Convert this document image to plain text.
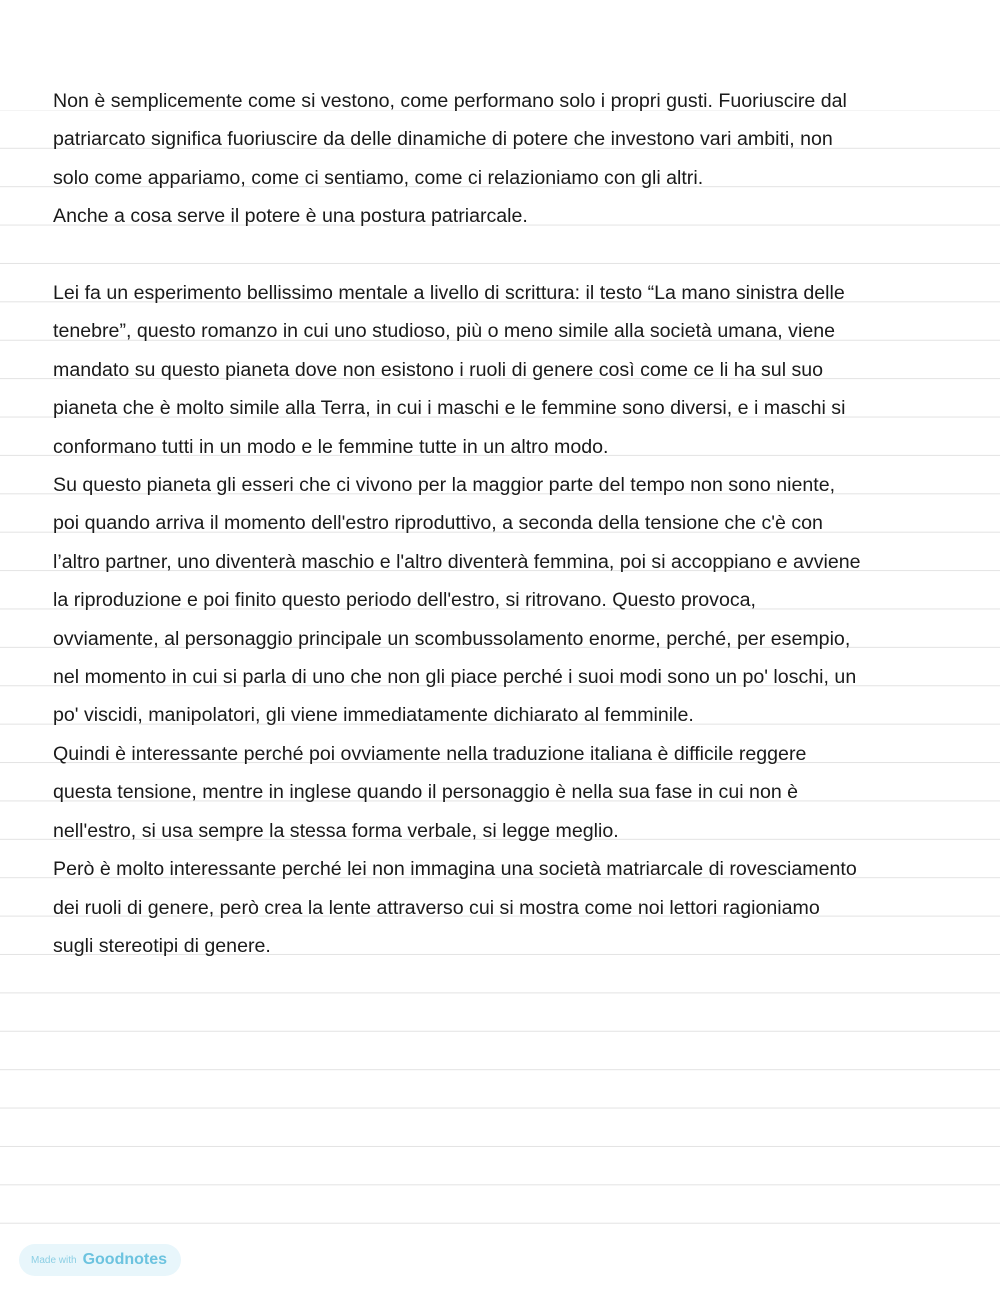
Non è semplicemente come si vestono, come performano solo i propri gusti. Fuoriuscire dal
patriarcato significa fuoriuscire da delle dinamiche di potere che investono vari ambiti, non
solo come appariamo, come ci sentiamo, come ci relazioniamo con gli altri.
Anche a cosa serve il potere è una postura patriarcale.
Lei fa un esperimento bellissimo mentale a livello di scrittura: il testo “La mano sinistra delle
tenebre”, questo romanzo in cui uno studioso, più o meno simile alla società umana, viene
mandato su questo pianeta dove non esistono i ruoli di genere così come ce li ha sul suo
pianeta che è molto simile alla Terra, in cui i maschi e le femmine sono diversi, e i maschi si
conformano tutti in un modo e le femmine tutte in un altro modo.
Su questo pianeta gli esseri che ci vivono per la maggior parte del tempo non sono niente,
poi quando arriva il momento dell'estro riproduttivo, a seconda della tensione che c'è con
l’altro partner, uno diventerà maschio e l'altro diventerà femmina, poi si accoppiano e avviene
la riproduzione e poi finito questo periodo dell'estro, si ritrovano. Questo provoca,
ovviamente, al personaggio principale un scombussolamento enorme, perché, per esempio,
nel momento in cui si parla di uno che non gli piace perché i suoi modi sono un po' loschi, un
po' viscidi, manipolatori, gli viene immediatamente dichiarato al femminile.
Quindi è interessante perché poi ovviamente nella traduzione italiana è difficile reggere
questa tensione, mentre in inglese quando il personaggio è nella sua fase in cui non è
nell'estro, si usa sempre la stessa forma verbale, si legge meglio.
Però è molto interessante perché lei non immagina una società matriarcale di rovesciamento
dei ruoli di genere, però crea la lente attraverso cui si mostra come noi lettori ragioniamo
sugli stereotipi di genere.
Made with Goodnotes
